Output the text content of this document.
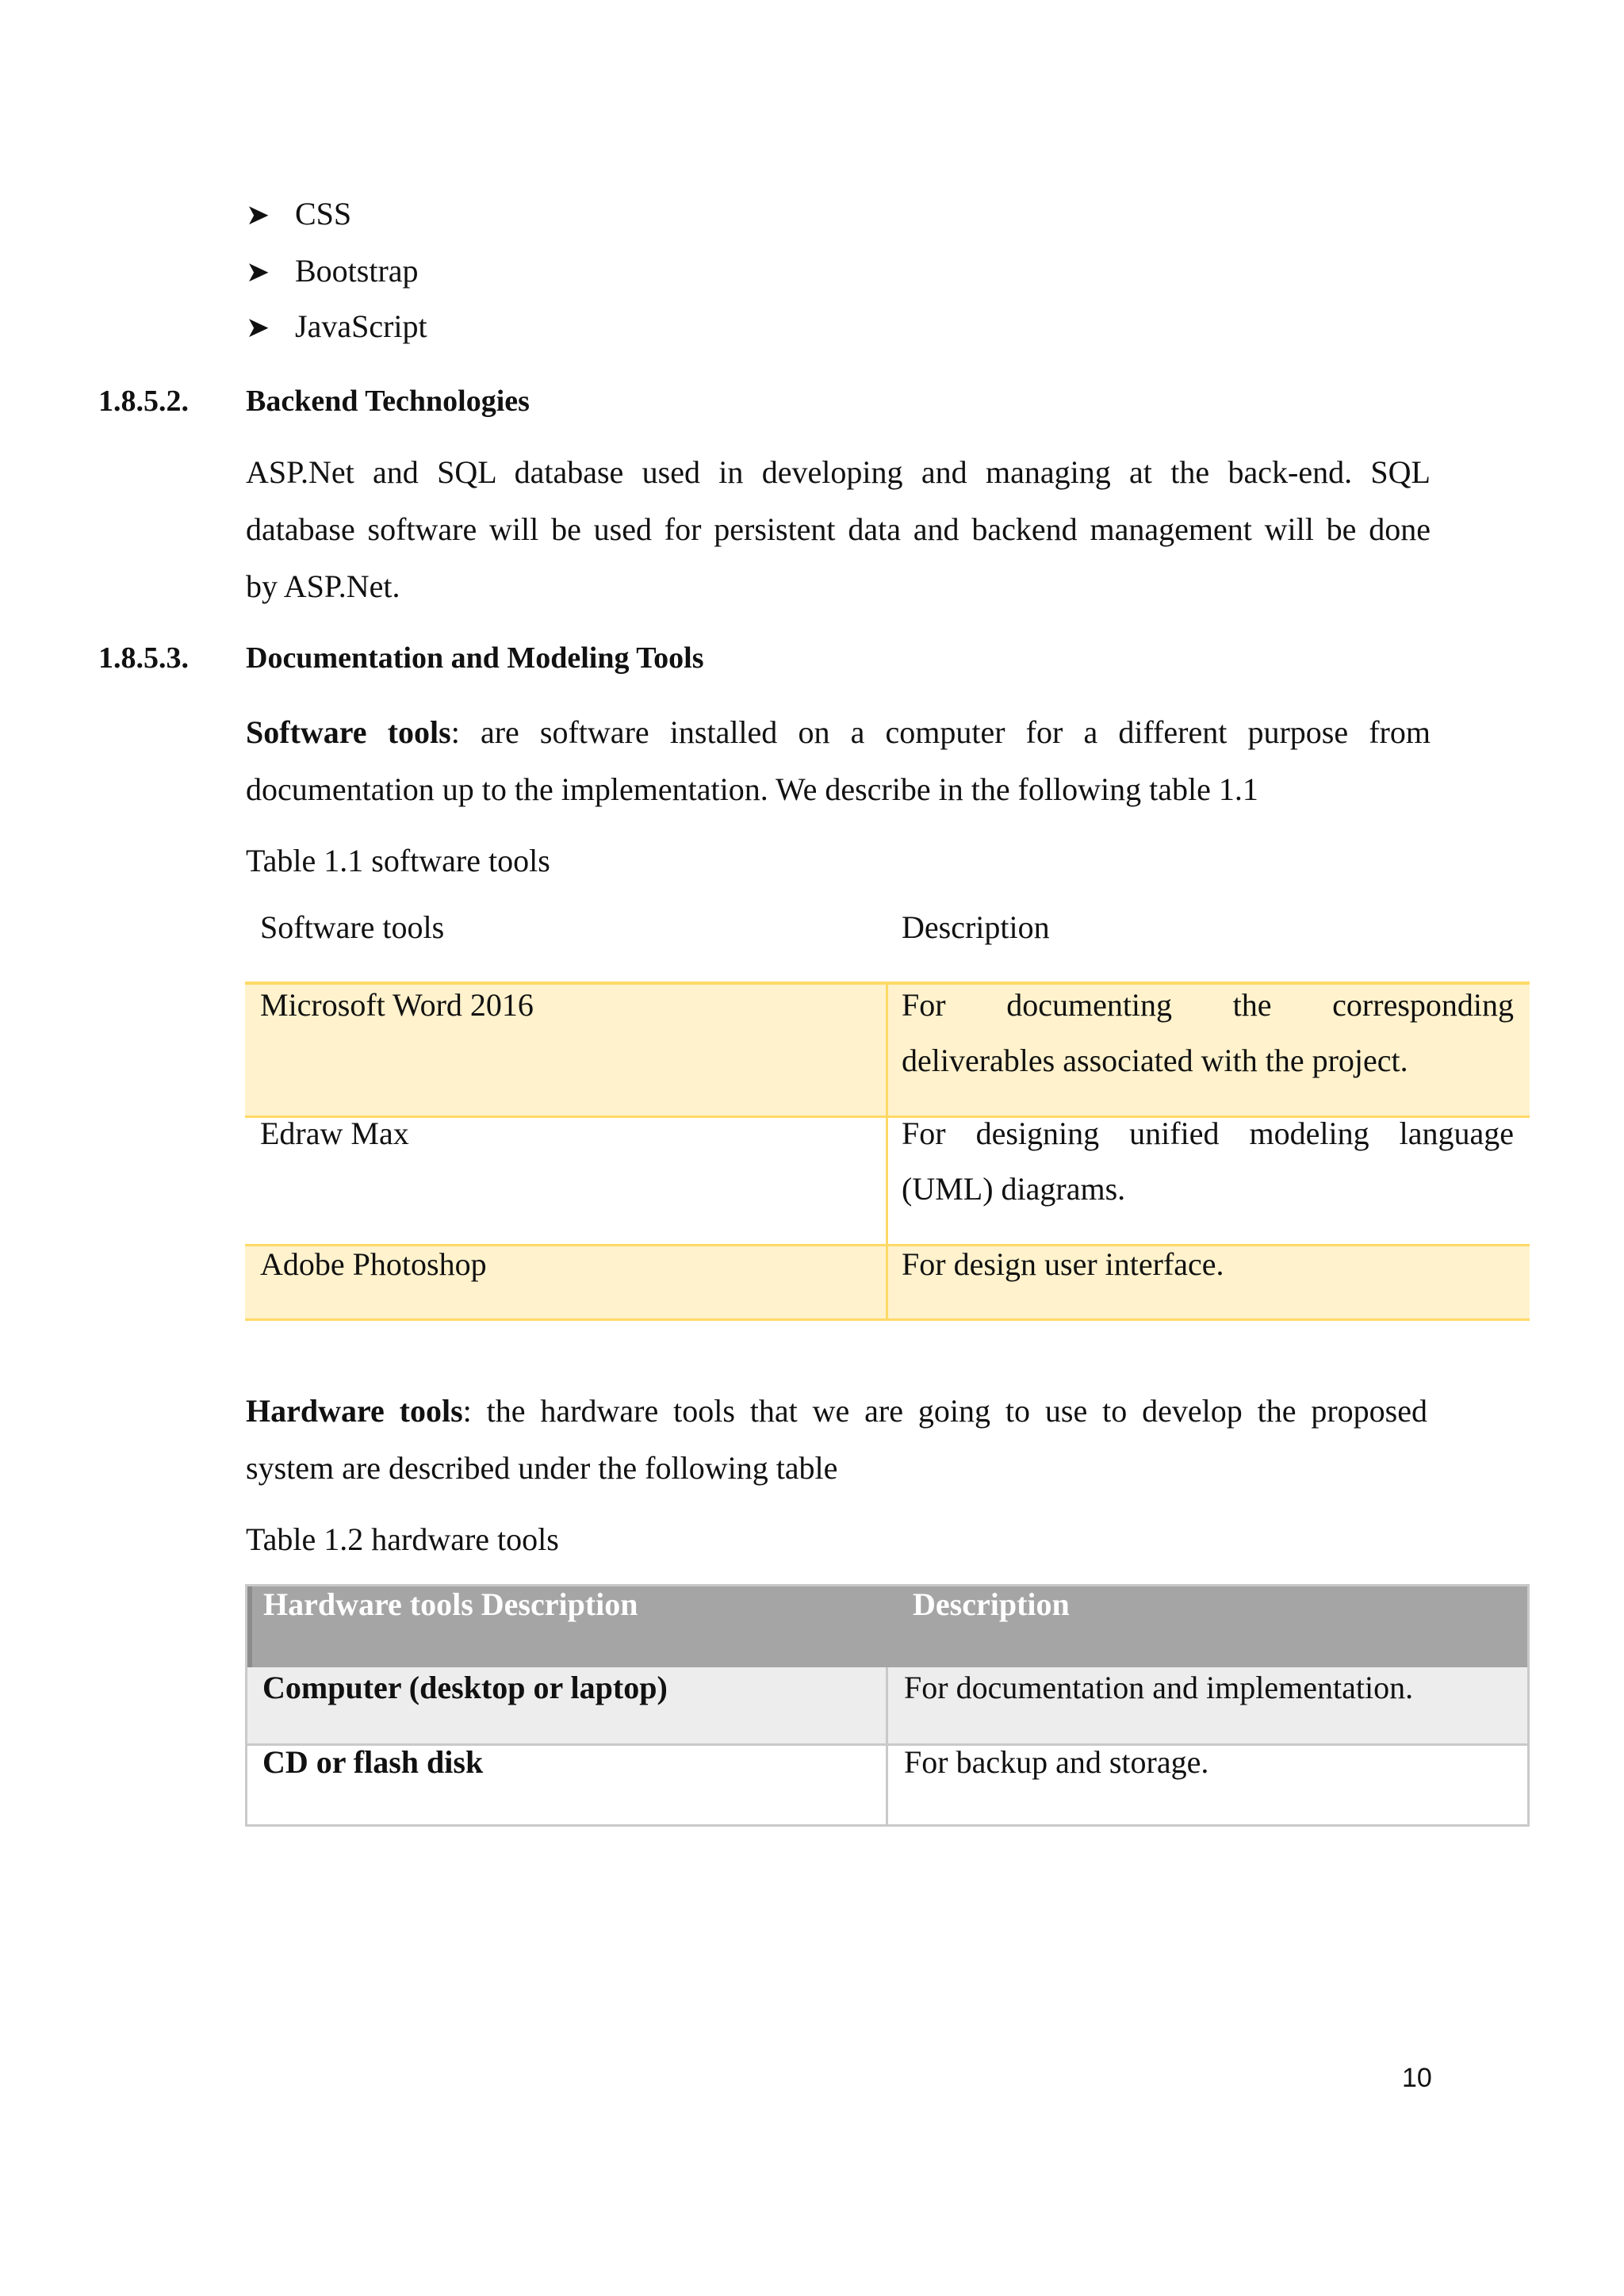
➤ CSS
➤ Bootstrap
➤ JavaScript
1.8.5.2. Backend Technologies
ASP.Net and SQL database used in developing and managing at the back-end. SQL
database software will be used for persistent data and backend management will be done
by ASP.Net.
1.8.5.3. Documentation and Modeling Tools
Software tools: are software installed on a computer for a different purpose from
documentation up to the implementation. We describe in the following table 1.1
Table 1.1 software tools
Software tools	Description
Microsoft Word 2016	For documenting the corresponding
deliverables associated with the project.
Edraw Max	For designing unified modeling language
(UML) diagrams.
Adobe Photoshop	For design user interface.
Hardware tools: the hardware tools that we are going to use to develop the proposed
system are described under the following table
Table 1.2 hardware tools
Hardware tools Description	Description
Computer (desktop or laptop)	For documentation and implementation.
CD or flash disk	For backup and storage.
10
